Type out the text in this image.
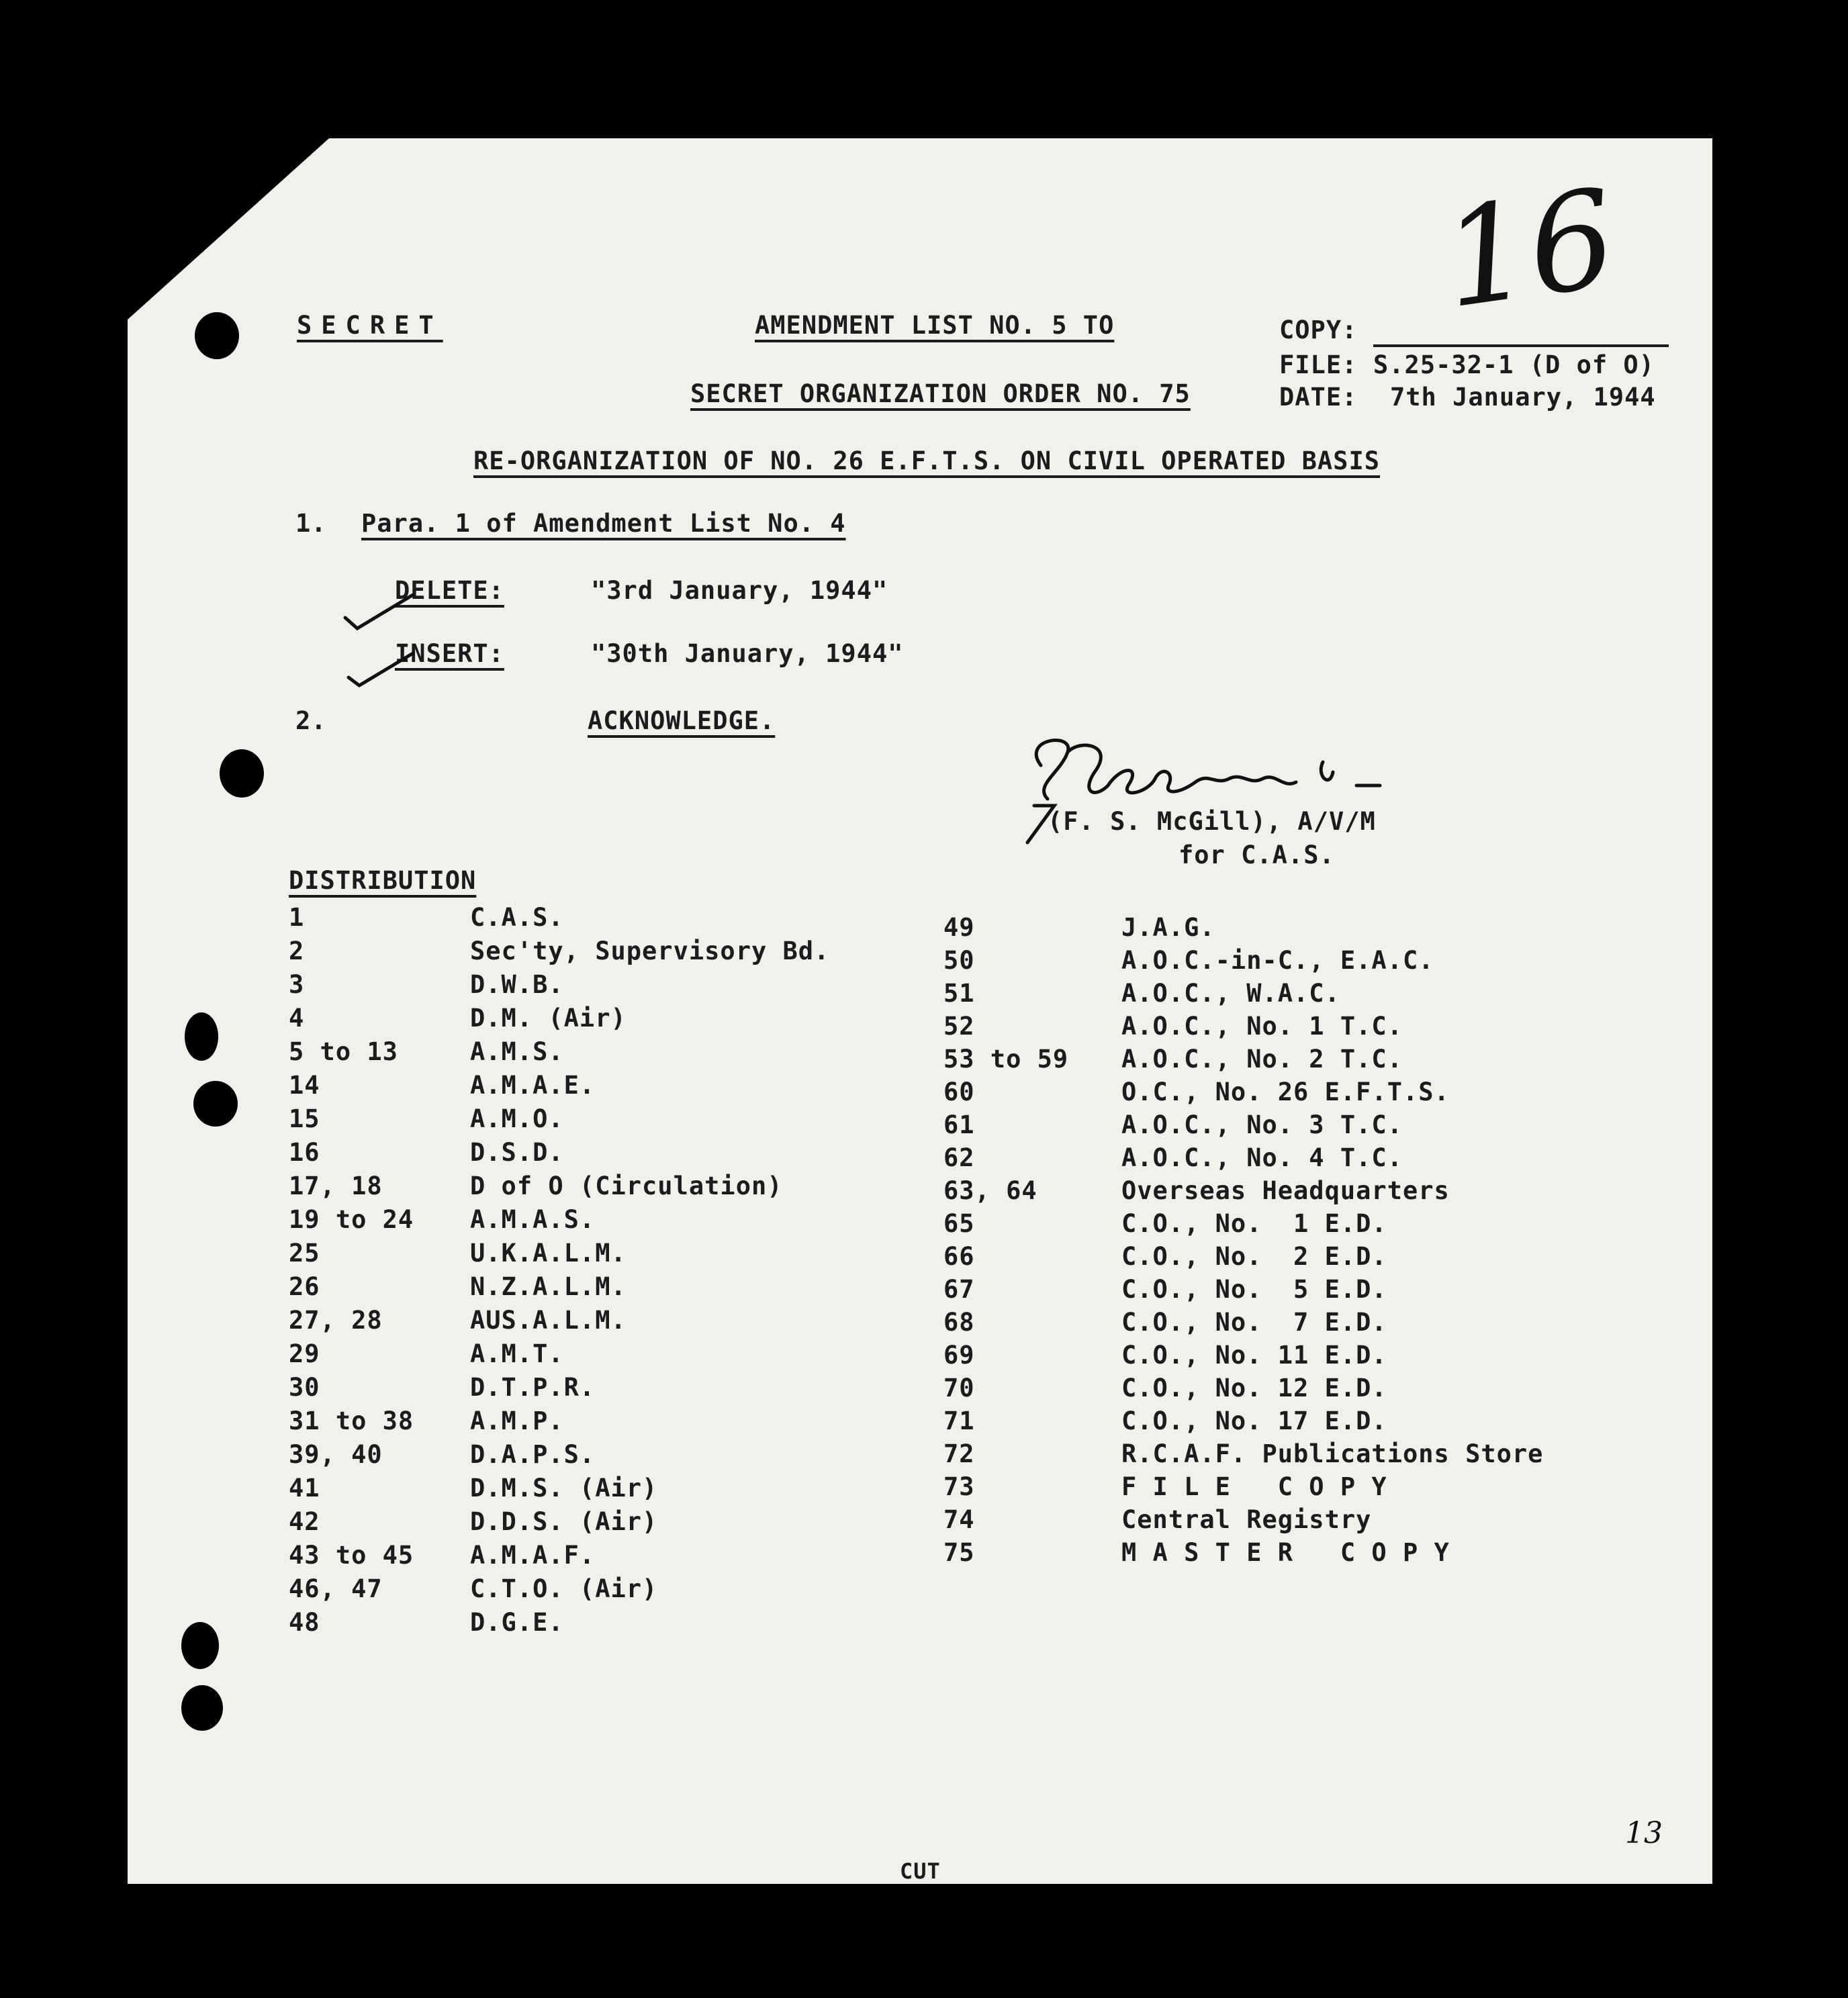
SECRET	AMENDMENT LIST NO. 5 TO	COPY:
FILE: S.25-32-1 (D of O)
DATE: 7th January, 1944
SECRET ORGANIZATION ORDER NO. 75
RE-ORGANIZATION OF NO. 26 E.F.T.S. ON CIVIL OPERATED BASIS
16
1. Para. 1 of Amendment List No. 4
DELETE:	"3rd January, 1944"
INSERT:	"30th January, 1944"
2.	ACKNOWLEDGE.
(F. S. McGill), A/V/M
for C.A.S.
DISTRIBUTION
1	C.A.S.
2	Sec'ty, Supervisory Bd.
3	D.W.B.
4	D.M. (Air)
5 to 13	A.M.S.
14	A.M.A.E.
15	A.M.O.
16	D.S.D.
17, 18	D of O (Circulation)
19 to 24 A.M.A.S.
25	U.K.A.L.M.
26	N.Z.A.L.M.
27, 28	AUS.A.L.M.
29	A.M.T.
30	D.T.P.R.
31 to 38 A.M.P.
39, 40	D.A.P.S.
41	D.M.S. (Air)
42	D.D.S. (Air)
43 to 45 A.M.A.F.
46, 47	C.T.O. (Air)
48	D.G.E.
49	J.A.G.
50	A.O.C.-in-C., E.A.C.
51	A.O.C., W.A.C.
52	A.O.C., No. 1 T.C.
53 to 59 A.O.C., No. 2 T.C.
60	O.C., No. 26 E.F.T.S.
61	A.O.C., No. 3 T.C.
62	A.O.C., No. 4 T.C.
63, 64	Overseas Headquarters
65	C.O., No.  1 E.D.
66	C.O., No.  2 E.D.
67	C.O., No.  5 E.D.
68	C.O., No.  7 E.D.
69	C.O., No. 11 E.D.
70	C.O., No. 12 E.D.
71	C.O., No. 17 E.D.
72	R.C.A.F. Publications Store
73	F I L E   C O P Y
74	Central Registry
75	M A S T E R   C O P Y
13
CUT
